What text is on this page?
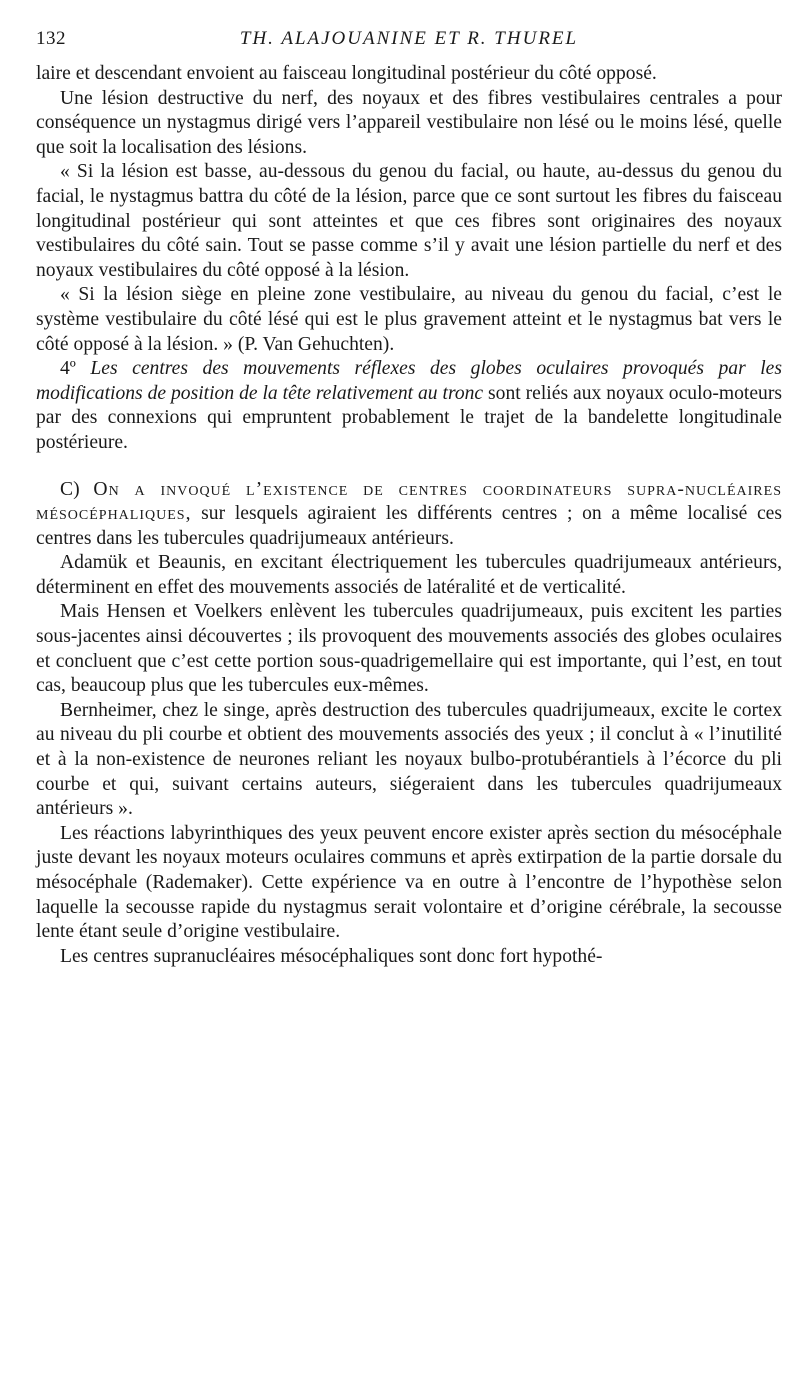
132	TH. ALAJOUANINE ET R. THUREL

laire et descendant envoient au faisceau longitudinal postérieur du côté opposé.

Une lésion destructive du nerf, des noyaux et des fibres vestibulaires centrales a pour conséquence un nystagmus dirigé vers l’appareil vestibulaire non lésé ou le moins lésé, quelle que soit la localisation des lésions.

« Si la lésion est basse, au-dessous du genou du facial, ou haute, au-dessus du genou du facial, le nystagmus battra du côté de la lésion, parce que ce sont surtout les fibres du faisceau longitudinal postérieur qui sont atteintes et que ces fibres sont originaires des noyaux vestibulaires du côté sain. Tout se passe comme s’il y avait une lésion partielle du nerf et des noyaux vestibulaires du côté opposé à la lésion.

« Si la lésion siège en pleine zone vestibulaire, au niveau du genou du facial, c’est le système vestibulaire du côté lésé qui est le plus gravement atteint et le nystagmus bat vers le côté opposé à la lésion. » (P. Van Gehuchten).

4º Les centres des mouvements réflexes des globes oculaires provoqués par les modifications de position de la tête relativement au tronc sont reliés aux noyaux oculo-moteurs par des connexions qui empruntent probablement le trajet de la bandelette longitudinale postérieure.

C) On a invoqué l’existence de centres coordinateurs supra-nucléaires mésocéphaliques, sur lesquels agiraient les différents centres ; on a même localisé ces centres dans les tubercules quadrijumeaux antérieurs.

Adamük et Beaunis, en excitant électriquement les tubercules quadrijumeaux antérieurs, déterminent en effet des mouvements associés de latéralité et de verticalité.

Mais Hensen et Voelkers enlèvent les tubercules quadrijumeaux, puis excitent les parties sous-jacentes ainsi découvertes ; ils provoquent des mouvements associés des globes oculaires et concluent que c’est cette portion sous-quadrigemellaire qui est importante, qui l’est, en tout cas, beaucoup plus que les tubercules eux-mêmes.

Bernheimer, chez le singe, après destruction des tubercules quadrijumeaux, excite le cortex au niveau du pli courbe et obtient des mouvements associés des yeux ; il conclut à « l’inutilité et à la non-existence de neurones reliant les noyaux bulbo-protubérantiels à l’écorce du pli courbe et qui, suivant certains auteurs, siégeraient dans les tubercules quadrijumeaux antérieurs ».

Les réactions labyrinthiques des yeux peuvent encore exister après section du mésocéphale juste devant les noyaux moteurs oculaires communs et après extirpation de la partie dorsale du mésocéphale (Rademaker). Cette expérience va en outre à l’encontre de l’hypothèse selon laquelle la secousse rapide du nystagmus serait volontaire et d’origine cérébrale, la secousse lente étant seule d’origine vestibulaire.

Les centres supranucléaires mésocéphaliques sont donc fort hypothé-
